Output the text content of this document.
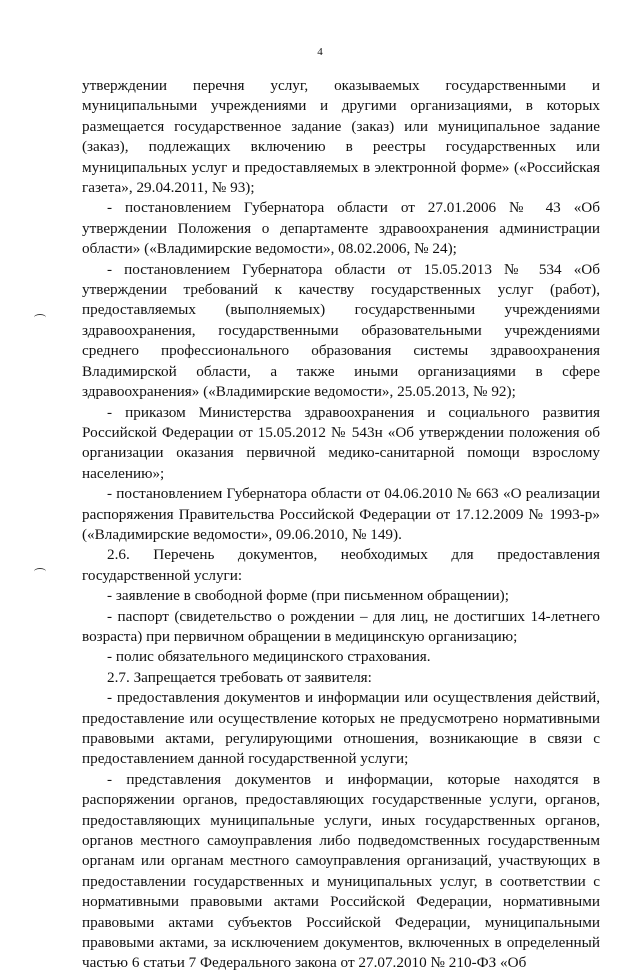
4

утверждении перечня услуг, оказываемых государственными и муниципальными учреждениями и другими организациями, в которых размещается государственное задание (заказ) или муниципальное задание (заказ), подлежащих включению в реестры государственных или муниципальных услуг и предоставляемых в электронной форме» («Российская газета», 29.04.2011, № 93);

- постановлением Губернатора области от 27.01.2006 № 43 «Об утверждении Положения о департаменте здравоохранения администрации области» («Владимирские ведомости», 08.02.2006, № 24);

- постановлением Губернатора области от 15.05.2013 № 534 «Об утверждении требований к качеству государственных услуг (работ), предоставляемых (выполняемых) государственными учреждениями здравоохранения, государственными образовательными учреждениями среднего профессионального образования системы здравоохранения Владимирской области, а также иными организациями в сфере здравоохранения» («Владимирские ведомости», 25.05.2013, № 92);

- приказом Министерства здравоохранения и социального развития Российской Федерации от 15.05.2012 № 543н «Об утверждении положения об организации оказания первичной медико-санитарной помощи взрослому населению»;

- постановлением Губернатора области от 04.06.2010 № 663 «О реализации распоряжения Правительства Российской Федерации от 17.12.2009 № 1993-р» («Владимирские ведомости», 09.06.2010, № 149).

2.6. Перечень документов, необходимых для предоставления государственной услуги:

- заявление в свободной форме (при письменном обращении);

- паспорт (свидетельство о рождении – для лиц, не достигших 14-летнего возраста) при первичном обращении в медицинскую организацию;

- полис обязательного медицинского страхования.

2.7. Запрещается требовать от заявителя:

- предоставления документов и информации или осуществления действий, предоставление или осуществление которых не предусмотрено нормативными правовыми актами, регулирующими отношения, возникающие в связи с предоставлением данной государственной услуги;

- представления документов и информации, которые находятся в распоряжении органов, предоставляющих государственные услуги, органов, предоставляющих муниципальные услуги, иных государственных органов, органов местного самоуправления либо подведомственных государственным органам или органам местного самоуправления организаций, участвующих в предоставлении государственных и муниципальных услуг, в соответствии с нормативными правовыми актами Российской Федерации, нормативными правовыми актами субъектов Российской Федерации, муниципальными правовыми актами, за исключением документов, включенных в определенный частью 6 статьи 7 Федерального закона от 27.07.2010 № 210-ФЗ «Об
